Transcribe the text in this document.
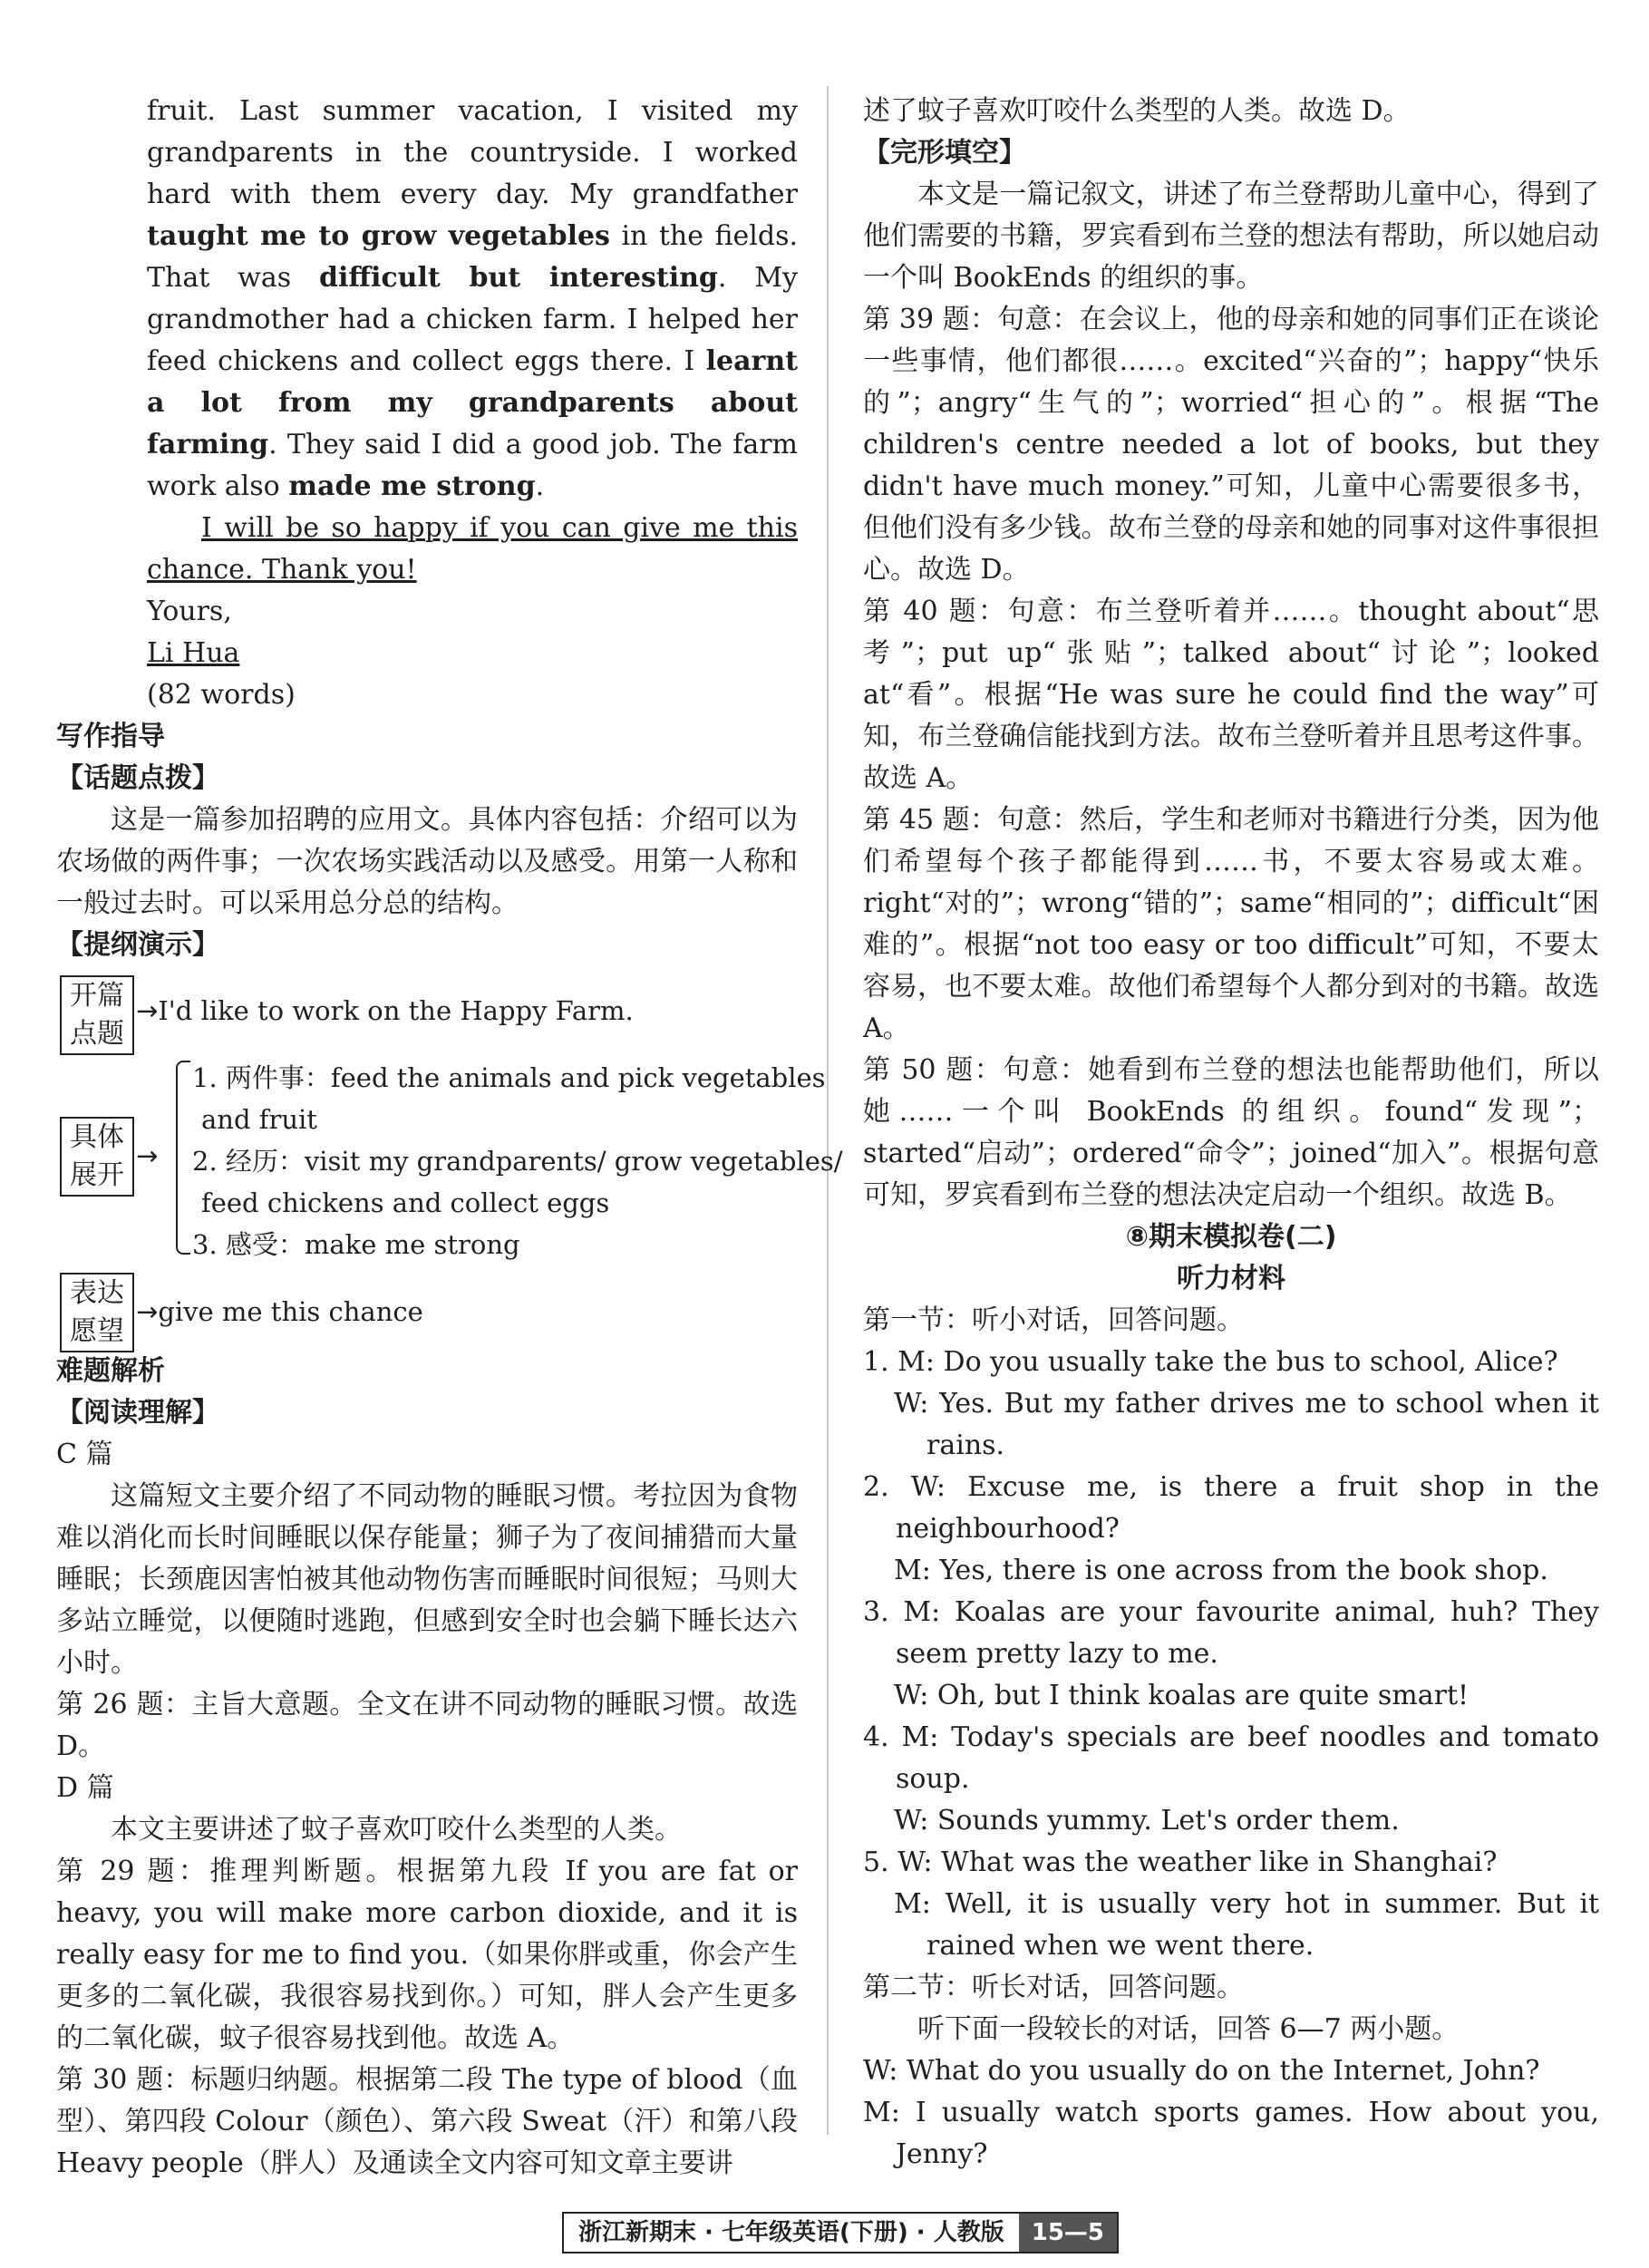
fruit. Last summer vacation, I visited my grandparents in the countryside. I worked hard with them every day. My grandfather taught me to grow vegetables in the fields. That was difficult but interesting. My grandmother had a chicken farm. I helped her feed chickens and collect eggs there. I learnt a lot from my grandparents about farming. They said I did a good job. The farm work also made me strong.

I will be so happy if you can give me this chance. Thank you!

Yours,

Li Hua

(82 words)

写作指导

【话题点拨】

这是一篇参加招聘的应用文。具体内容包括：介绍可以为农场做的两件事；一次农场实践活动以及感受。用第一人称和一般过去时。可以采用总分总的结构。

【提纲演示】

开篇
点题
→I'd like to work on the Happy Farm.
具体
展开
→
1. 两件事：feed the animals and pick vegetables
and fruit
2. 经历：visit my grandparents/ grow vegetables/
feed chickens and collect eggs
3. 感受：make me strong
表达
愿望
→give me this chance

难题解析

【阅读理解】

C 篇

这篇短文主要介绍了不同动物的睡眠习惯。考拉因为食物难以消化而长时间睡眠以保存能量；狮子为了夜间捕猎而大量睡眠；长颈鹿因害怕被其他动物伤害而睡眠时间很短；马则大多站立睡觉，以便随时逃跑，但感到安全时也会躺下睡长达六小时。

第 26 题：主旨大意题。全文在讲不同动物的睡眠习惯。故选 D。

D 篇

本文主要讲述了蚊子喜欢叮咬什么类型的人类。

第 29 题：推理判断题。根据第九段 If you are fat or heavy, you will make more carbon dioxide, and it is really easy for me to find you.（如果你胖或重，你会产生更多的二氧化碳，我很容易找到你。）可知，胖人会产生更多的二氧化碳，蚊子很容易找到他。故选 A。

第 30 题：标题归纳题。根据第二段 The type of blood（血型）、第四段 Colour（颜色）、第六段 Sweat（汗）和第八段 Heavy people（胖人）及通读全文内容可知文章主要讲

述了蚊子喜欢叮咬什么类型的人类。故选 D。

【完形填空】

本文是一篇记叙文，讲述了布兰登帮助儿童中心，得到了他们需要的书籍，罗宾看到布兰登的想法有帮助，所以她启动一个叫 BookEnds 的组织的事。

第 39 题：句意：在会议上，他的母亲和她的同事们正在谈论一些事情，他们都很……。excited“兴奋的”；happy“快乐的”；angry“生气的”；worried“担心的”。根据“The children's centre needed a lot of books, but they didn't have much money.”可知，儿童中心需要很多书，但他们没有多少钱。故布兰登的母亲和她的同事对这件事很担心。故选 D。

第 40 题：句意：布兰登听着并……。thought about“思考”；put up“张贴”；talked about“讨论”；looked at“看”。根据“He was sure he could find the way”可知，布兰登确信能找到方法。故布兰登听着并且思考这件事。故选 A。

第 45 题：句意：然后，学生和老师对书籍进行分类，因为他们希望每个孩子都能得到……书，不要太容易或太难。right“对的”；wrong“错的”；same“相同的”；difficult“困难的”。根据“not too easy or too difficult”可知，不要太容易，也不要太难。故他们希望每个人都分到对的书籍。故选 A。

第 50 题：句意：她看到布兰登的想法也能帮助他们，所以她……一个叫 BookEnds 的组织。found“发现”；started“启动”；ordered“命令”；joined“加入”。根据句意可知，罗宾看到布兰登的想法决定启动一个组织。故选 B。

⑧期末模拟卷(二)

听力材料

第一节：听小对话，回答问题。

1. M: Do you usually take the bus to school, Alice?

W: Yes. But my father drives me to school when it rains.

2. W: Excuse me, is there a fruit shop in the neighbourhood?

M: Yes, there is one across from the book shop.

3. M: Koalas are your favourite animal, huh? They seem pretty lazy to me.

W: Oh, but I think koalas are quite smart!

4. M: Today's specials are beef noodles and tomato soup.

W: Sounds yummy. Let's order them.

5. W: What was the weather like in Shanghai?

M: Well, it is usually very hot in summer. But it rained when we went there.

第二节：听长对话，回答问题。

听下面一段较长的对话，回答 6—7 两小题。

W: What do you usually do on the Internet, John?

M: I usually watch sports games. How about you, Jenny?

浙江新期末 · 七年级英语(下册) · 人教版	15—5
